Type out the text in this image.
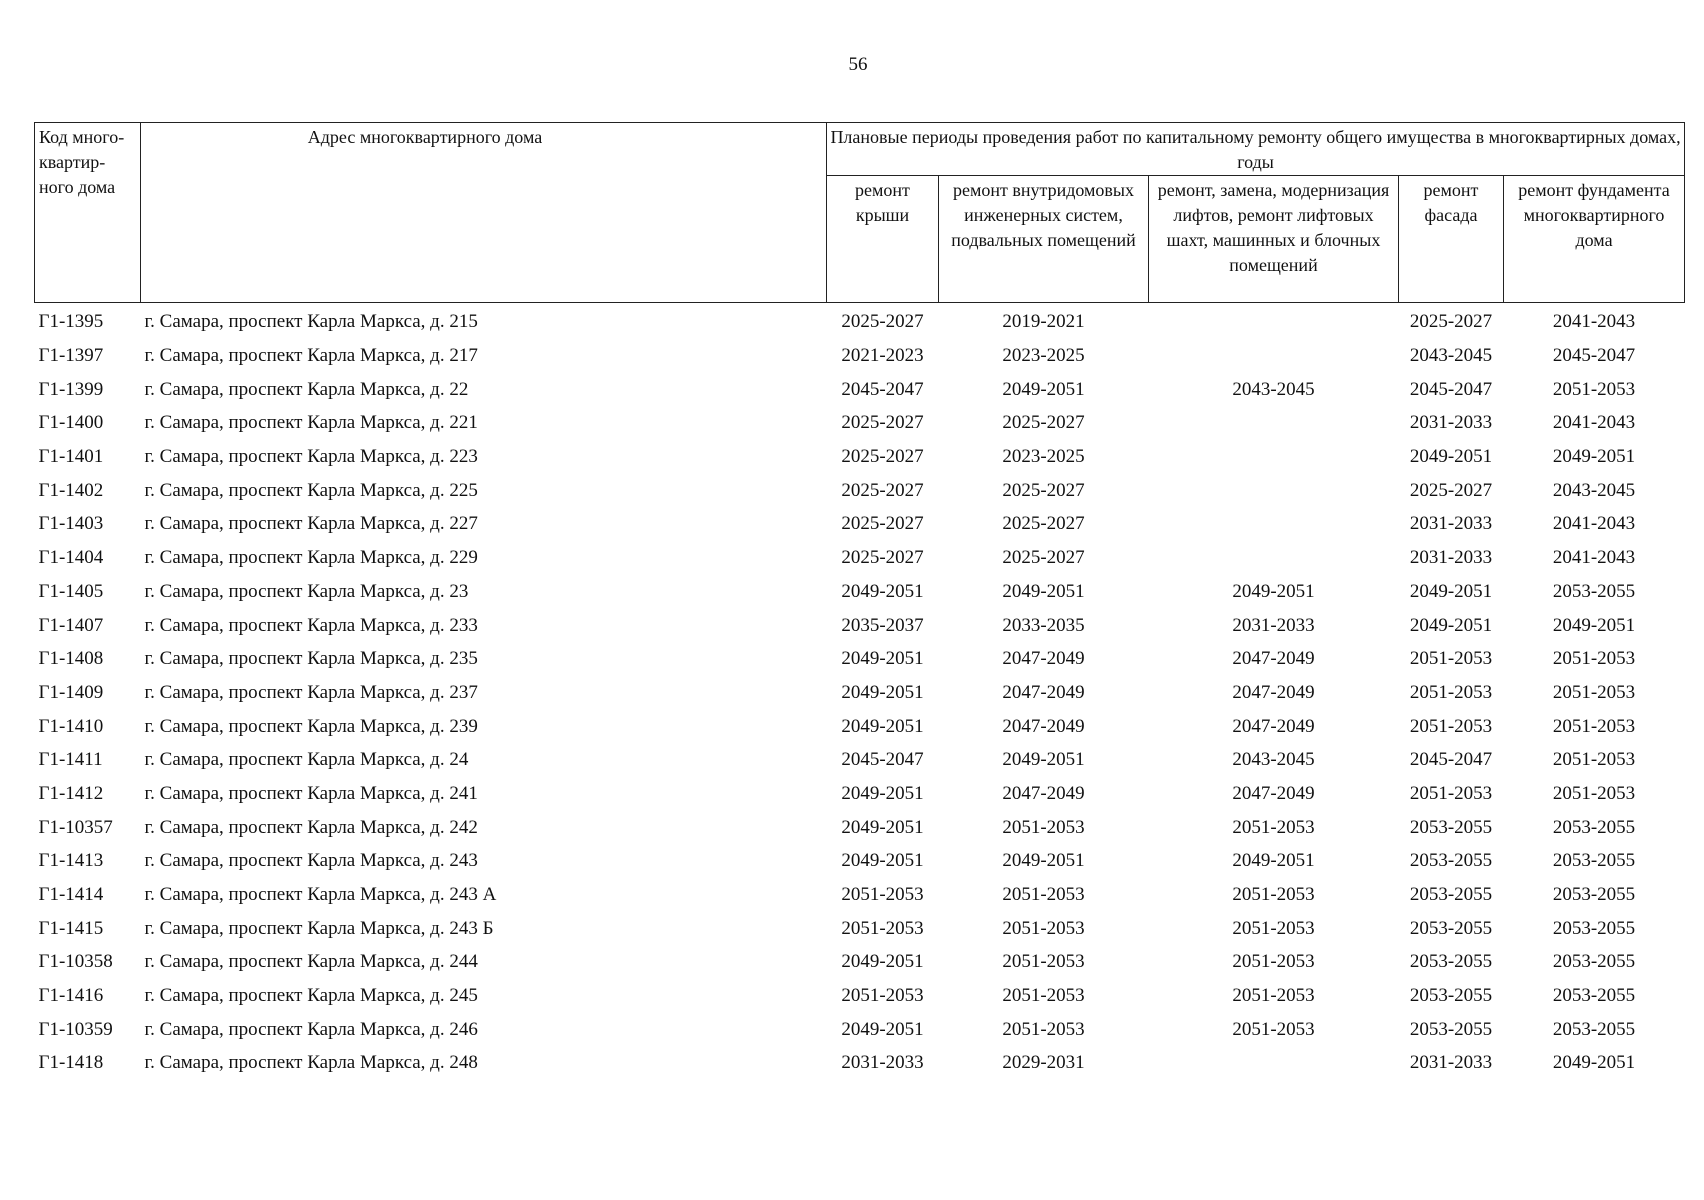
56
Код много-квартир-ного дома	Адрес многоквартирного дома	Плановые периоды проведения работ по капитальному ремонту общего имущества в многоквартирных домах, годы				
		ремонт крыши	ремонт внутридомовых инженерных систем, подвальных помещений	ремонт, замена, модернизация лифтов, ремонт лифтовых шахт, машинных и блочных помещений	ремонт фасада	ремонт фундамента многоквартирного дома
Г1-1395	г. Самара, проспект Карла Маркса, д. 215	2025-2027	2019-2021		2025-2027	2041-2043
Г1-1397	г. Самара, проспект Карла Маркса, д. 217	2021-2023	2023-2025		2043-2045	2045-2047
Г1-1399	г. Самара, проспект Карла Маркса, д. 22	2045-2047	2049-2051	2043-2045	2045-2047	2051-2053
Г1-1400	г. Самара, проспект Карла Маркса, д. 221	2025-2027	2025-2027		2031-2033	2041-2043
Г1-1401	г. Самара, проспект Карла Маркса, д. 223	2025-2027	2023-2025		2049-2051	2049-2051
Г1-1402	г. Самара, проспект Карла Маркса, д. 225	2025-2027	2025-2027		2025-2027	2043-2045
Г1-1403	г. Самара, проспект Карла Маркса, д. 227	2025-2027	2025-2027		2031-2033	2041-2043
Г1-1404	г. Самара, проспект Карла Маркса, д. 229	2025-2027	2025-2027		2031-2033	2041-2043
Г1-1405	г. Самара, проспект Карла Маркса, д. 23	2049-2051	2049-2051	2049-2051	2049-2051	2053-2055
Г1-1407	г. Самара, проспект Карла Маркса, д. 233	2035-2037	2033-2035	2031-2033	2049-2051	2049-2051
Г1-1408	г. Самара, проспект Карла Маркса, д. 235	2049-2051	2047-2049	2047-2049	2051-2053	2051-2053
Г1-1409	г. Самара, проспект Карла Маркса, д. 237	2049-2051	2047-2049	2047-2049	2051-2053	2051-2053
Г1-1410	г. Самара, проспект Карла Маркса, д. 239	2049-2051	2047-2049	2047-2049	2051-2053	2051-2053
Г1-1411	г. Самара, проспект Карла Маркса, д. 24	2045-2047	2049-2051	2043-2045	2045-2047	2051-2053
Г1-1412	г. Самара, проспект Карла Маркса, д. 241	2049-2051	2047-2049	2047-2049	2051-2053	2051-2053
Г1-10357	г. Самара, проспект Карла Маркса, д. 242	2049-2051	2051-2053	2051-2053	2053-2055	2053-2055
Г1-1413	г. Самара, проспект Карла Маркса, д. 243	2049-2051	2049-2051	2049-2051	2053-2055	2053-2055
Г1-1414	г. Самара, проспект Карла Маркса, д. 243 А	2051-2053	2051-2053	2051-2053	2053-2055	2053-2055
Г1-1415	г. Самара, проспект Карла Маркса, д. 243 Б	2051-2053	2051-2053	2051-2053	2053-2055	2053-2055
Г1-10358	г. Самара, проспект Карла Маркса, д. 244	2049-2051	2051-2053	2051-2053	2053-2055	2053-2055
Г1-1416	г. Самара, проспект Карла Маркса, д. 245	2051-2053	2051-2053	2051-2053	2053-2055	2053-2055
Г1-10359	г. Самара, проспект Карла Маркса, д. 246	2049-2051	2051-2053	2051-2053	2053-2055	2053-2055
Г1-1418	г. Самара, проспект Карла Маркса, д. 248	2031-2033	2029-2031		2031-2033	2049-2051
